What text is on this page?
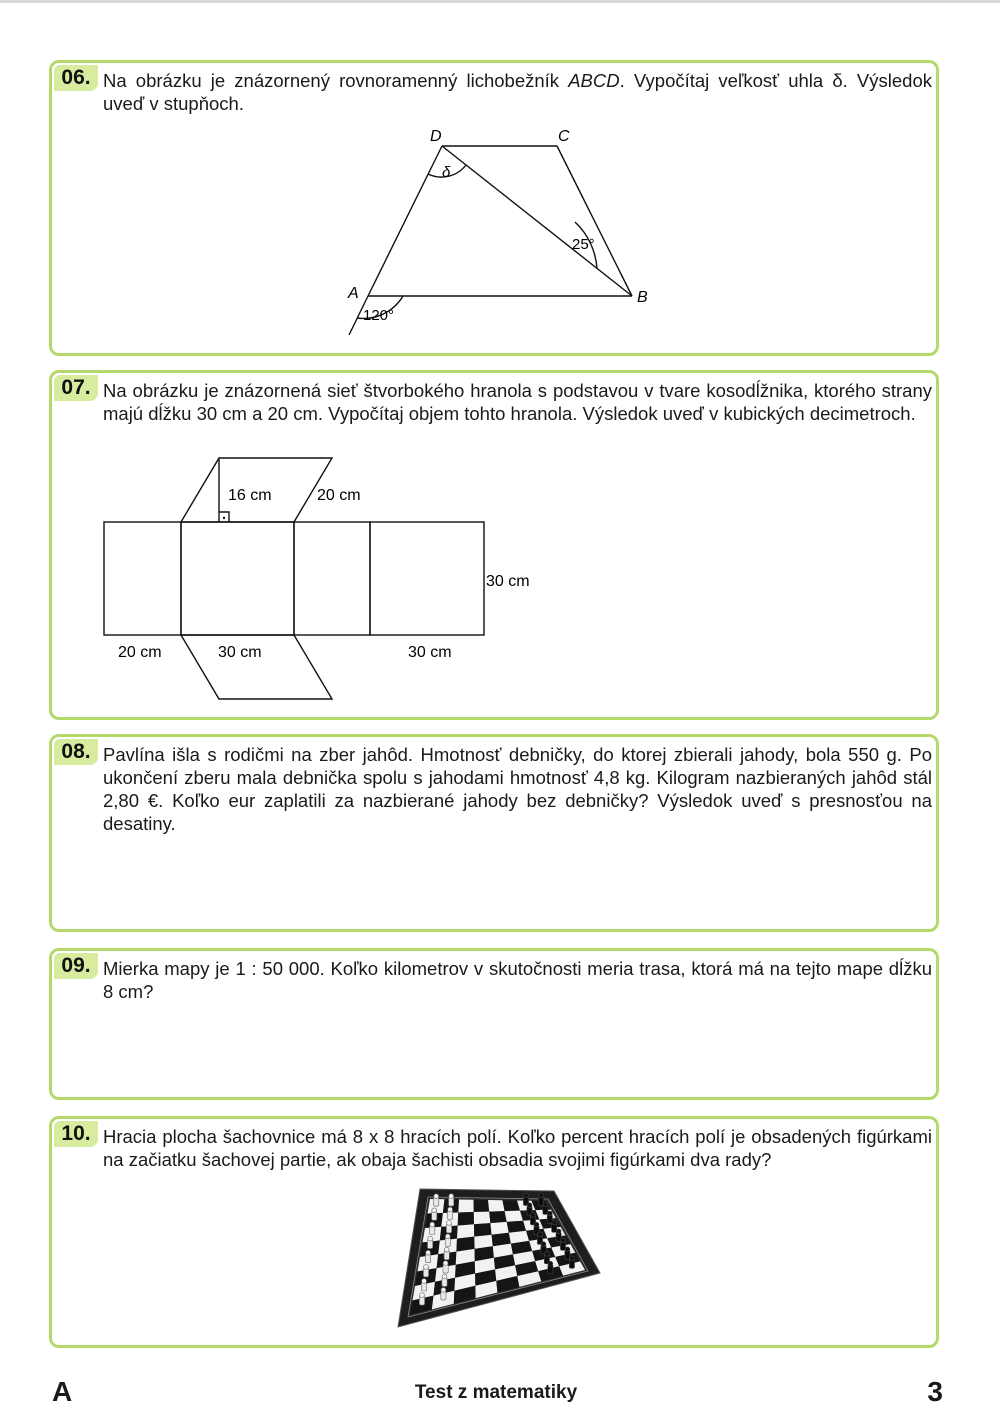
06. Na obrázku je znázornený rovnoramenný lichobežník ABCD. Vypočítaj veľkosť uhla δ. Výsledok uveď v stupňoch.

D	C
A	B
δ
25°
120°
07. Na obrázku je znázornená sieť štvorbokého hranola s podstavou v tvare kosodĺžnika, ktorého strany majú dĺžku 30 cm a 20 cm. Vypočítaj objem tohto hranola. Výsledok uveď v kubických decimetroch.

16 cm	20 cm
30 cm
20 cm	30 cm	30 cm
08. Pavlína išla s rodičmi na zber jahôd. Hmotnosť debničky, do ktorej zbierali jahody, bola 550 g. Po ukončení zberu mala debnička spolu s jahodami hmotnosť 4,8 kg. Kilogram nazbieraných jahôd stál 2,80 €. Koľko eur zaplatili za nazbierané jahody bez debničky? Výsledok uveď s presnosťou na desatiny.

09. Mierka mapy je 1 : 50 000. Koľko kilometrov v skutočnosti meria trasa, ktorá má na tejto mape dĺžku 8 cm?

10. Hracia plocha šachovnice má 8 x 8 hracích polí. Koľko percent hracích polí je obsadených figúrkami na začiatku šachovej partie, ak obaja šachisti obsadia svojimi figúrkami dva rady?

A	Test z matematiky	3
